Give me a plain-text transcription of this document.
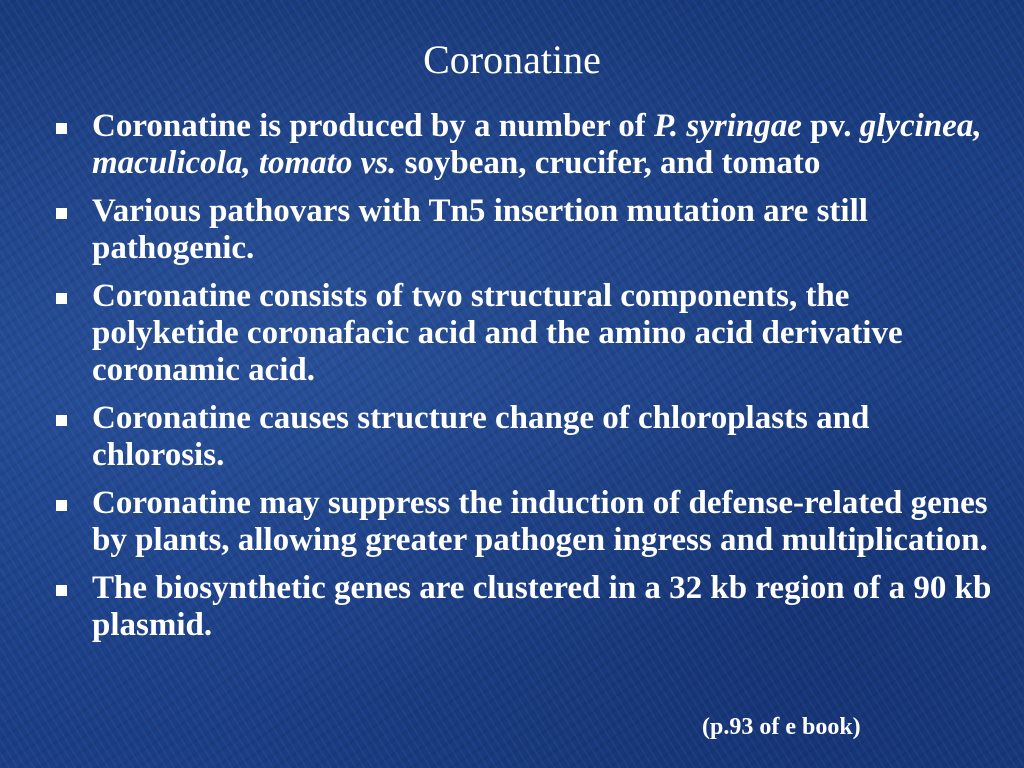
Coronatine
Coronatine is produced by a number of P. syringae pv. glycinea, maculicola, tomato vs. soybean, crucifer, and tomato
Various pathovars with Tn5 insertion mutation are still pathogenic.
Coronatine consists of two structural components, the polyketide coronafacic acid and the amino acid derivative coronamic acid.
Coronatine causes structure change of chloroplasts and chlorosis.
Coronatine may suppress the induction of defense-related genes by plants, allowing greater pathogen ingress and multiplication.
The biosynthetic genes are clustered in a 32 kb region of a 90 kb plasmid.
(p.93 of e book)
